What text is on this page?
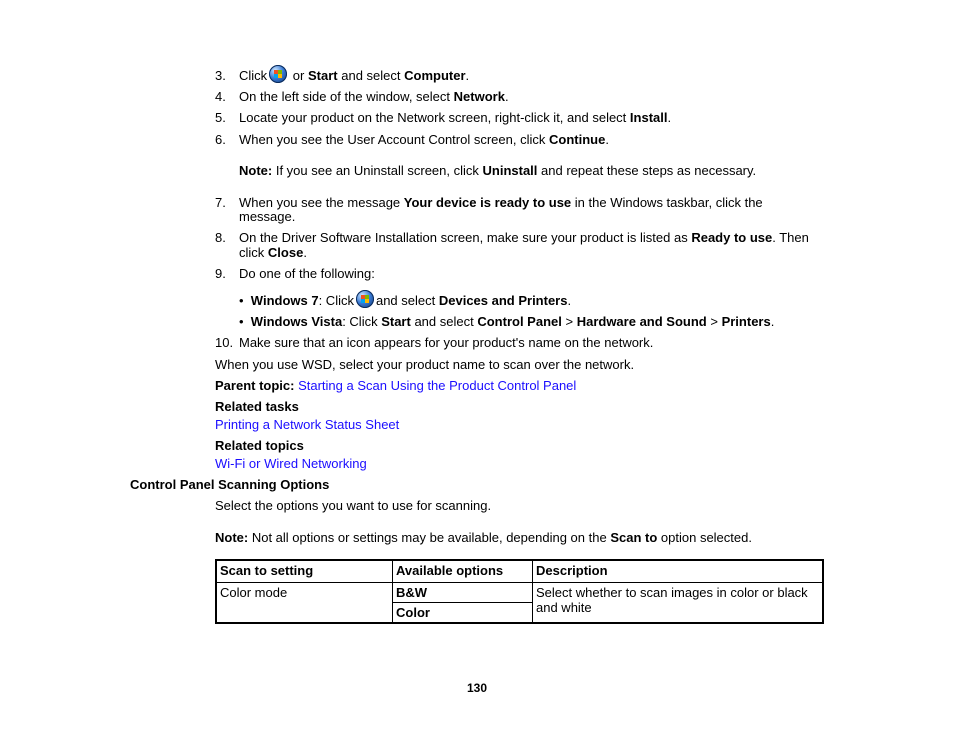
3. Click or Start and select Computer.
4. On the left side of the window, select Network.
5. Locate your product on the Network screen, right-click it, and select Install.
6. When you see the User Account Control screen, click Continue.
Note: If you see an Uninstall screen, click Uninstall and repeat these steps as necessary.
7. When you see the message Your device is ready to use in the Windows taskbar, click the
message.
8. On the Driver Software Installation screen, make sure your product is listed as Ready to use. Then
click Close.
9. Do one of the following:
• Windows 7: Click and select Devices and Printers.
• Windows Vista: Click Start and select Control Panel > Hardware and Sound > Printers.
10. Make sure that an icon appears for your product's name on the network.
When you use WSD, select your product name to scan over the network.
Parent topic: Starting a Scan Using the Product Control Panel
Related tasks
Printing a Network Status Sheet
Related topics
Wi-Fi or Wired Networking
Control Panel Scanning Options
Select the options you want to use for scanning.
Note: Not all options or settings may be available, depending on the Scan to option selected.
Scan to setting	Available options	Description
Color mode	B&W	Select whether to scan images in color or black and white
	Color	
130
